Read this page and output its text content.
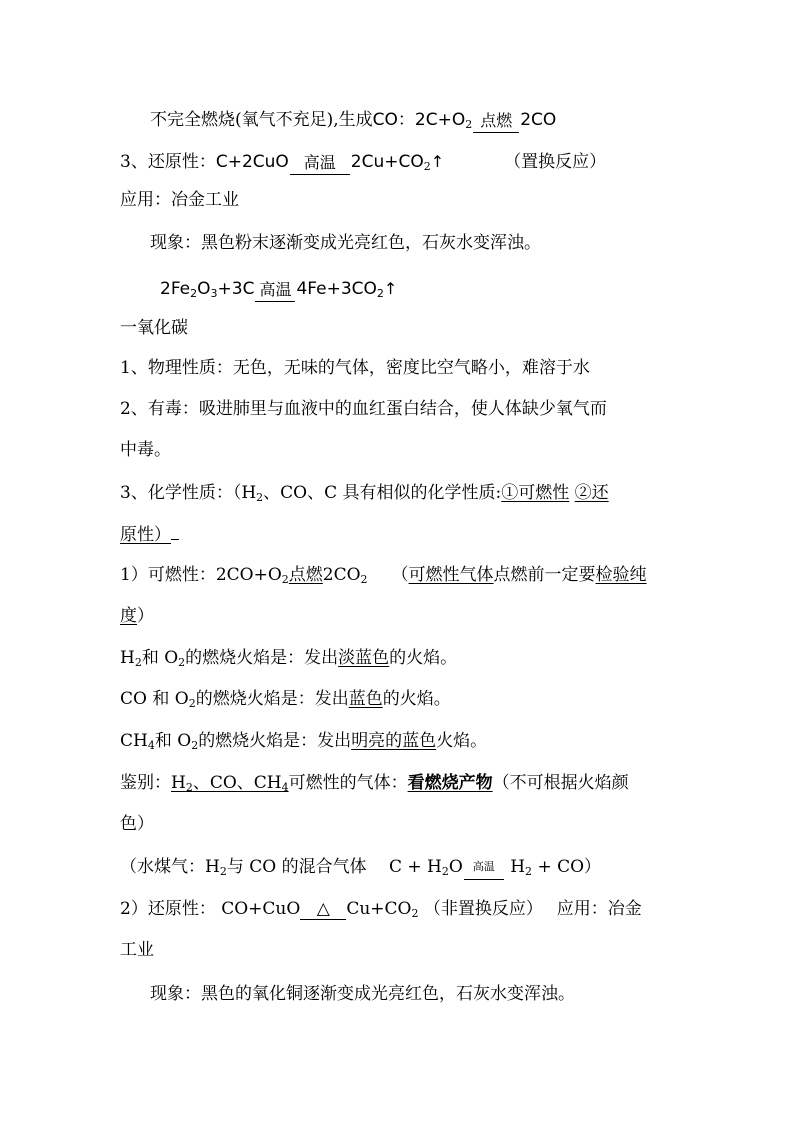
不完全燃烧(氧气不充足),生成CO：$2C+O_2$ 点燃 2CO
3、还原性：C+2CuO 高温 $2Cu+CO_2↑$	（置换反应）
应用：冶金工业
现象：黑色粉末逐渐变成光亮红色，石灰水变浑浊。
$2Fe_2O_3+3C$ 高温 $4Fe+3CO_2↑$
一氧化碳
1、物理性质：无色，无味的气体，密度比空气略小，难溶于水
2、有毒：吸进肺里与血液中的血红蛋白结合，使人体缺少氧气而
中毒。
3、化学性质：（$H_2$、CO、C 具有相似的化学性质:①可燃性 ②还
原性）
1）可燃性：$2CO+O_2$点燃$2CO_2$ （可燃性气体点燃前一定要检验纯
度）
$H_2$和 $O_2$的燃烧火焰是：发出淡蓝色的火焰。
CO 和 $O_2$的燃烧火焰是：发出蓝色的火焰。
$CH_4$和 $O_2$的燃烧火焰是：发出明亮的蓝色火焰。
鉴别：$H_2$、CO、$CH_4$可燃性的气体：看燃烧产物（不可根据火焰颜
色）
（水煤气：$H_2$与 CO 的混合气体　 $C + H_2O$ 高温 $H_2 + CO$）
2）还原性： CO+CuO △ $Cu+CO_2$ （非置换反应）　 应用：冶金
工业
现象：黑色的氧化铜逐渐变成光亮红色，石灰水变浑浊。
